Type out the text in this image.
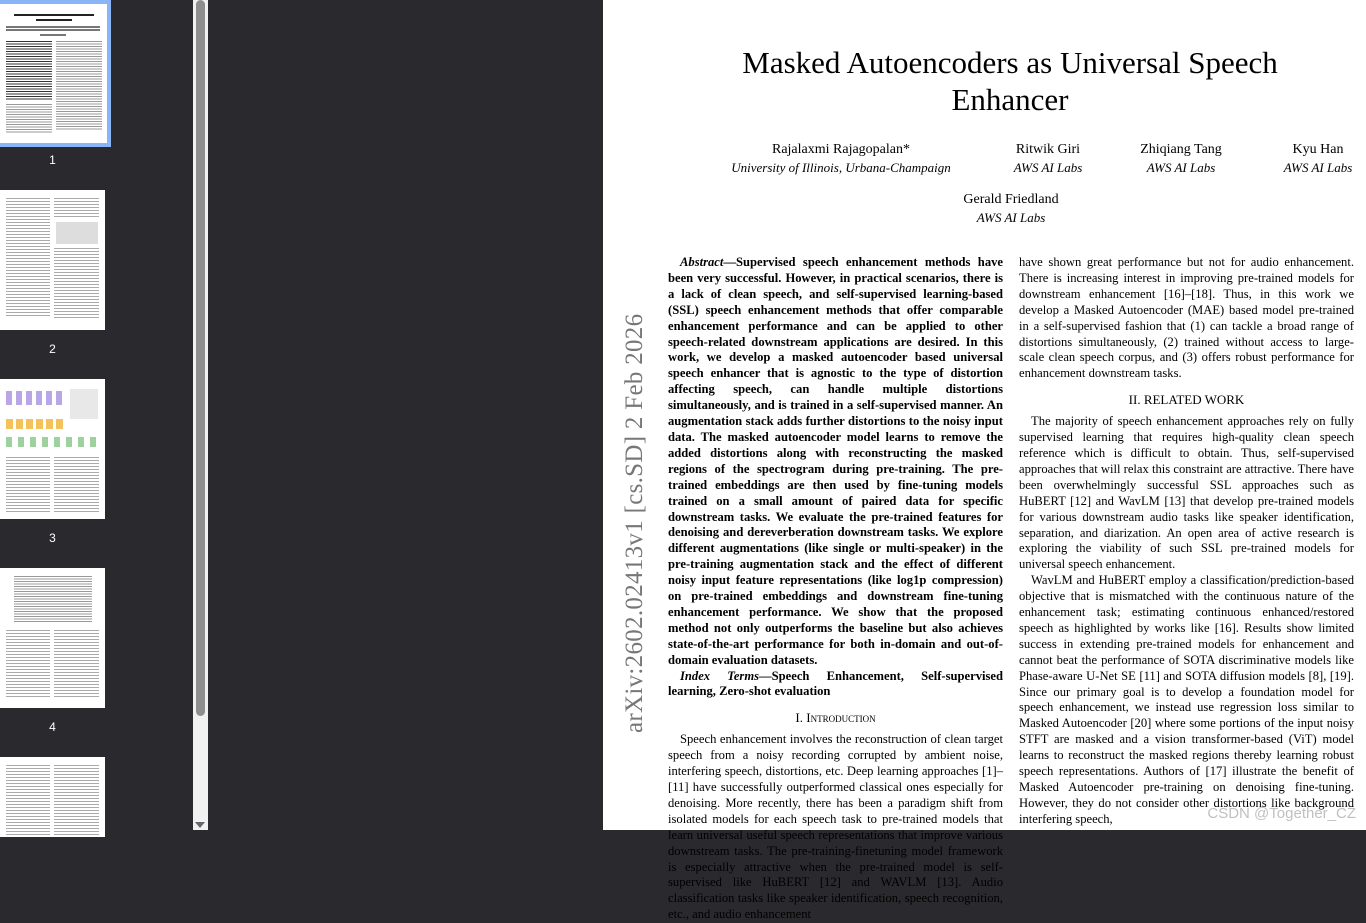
1
2
3
4
Masked Autoencoders as Universal Speech Enhancer
Rajalaxmi Rajagopalan*
University of Illinois, Urbana-Champaign
Ritwik Giri
AWS AI Labs
Zhiqiang Tang
AWS AI Labs
Kyu Han
AWS AI Labs
Gerald Friedland
AWS AI Labs
arXiv:2602.02413v1 [cs.SD] 2 Feb 2026

Abstract—Supervised speech enhancement methods have been very successful. However, in practical scenarios, there is a lack of clean speech, and self-supervised learning-based (SSL) speech enhancement methods that offer comparable enhancement performance and can be applied to other speech-related downstream applications are desired. In this work, we develop a masked autoencoder based universal speech enhancer that is agnostic to the type of distortion affecting speech, can handle multiple distortions simultaneously, and is trained in a self-supervised manner. An augmentation stack adds further distortions to the noisy input data. The masked autoencoder model learns to remove the added distortions along with reconstructing the masked regions of the spectrogram during pre-training. The pre-trained embeddings are then used by fine-tuning models trained on a small amount of paired data for specific downstream tasks. We evaluate the pre-trained features for denoising and dereverberation downstream tasks. We explore different augmentations (like single or multi-speaker) in the pre-training augmentation stack and the effect of different noisy input feature representations (like log1p compression) on pre-trained embeddings and downstream fine-tuning enhancement performance. We show that the proposed method not only outperforms the baseline but also achieves state-of-the-art performance for both in-domain and out-of-domain evaluation datasets.

Index Terms—Speech Enhancement, Self-supervised learning, Zero-shot evaluation

I. Introduction

Speech enhancement involves the reconstruction of clean target speech from a noisy recording corrupted by ambient noise, interfering speech, distortions, etc. Deep learning approaches [1]–[11] have successfully outperformed classical ones especially for denoising. More recently, there has been a paradigm shift from isolated models for each speech task to pre-trained models that learn universal useful speech representations that improve various downstream tasks. The pre-training-finetuning model framework is especially attractive when the pre-trained model is self-supervised like HuBERT [12] and WAVLM [13]. Audio classification tasks like speaker identification, speech recognition, etc., and audio enhancement

have shown great performance but not for audio enhancement. There is increasing interest in improving pre-trained models for downstream enhancement [16]–[18]. Thus, in this work we develop a Masked Autoencoder (MAE) based model pre-trained in a self-supervised fashion that (1) can tackle a broad range of distortions simultaneously, (2) trained without access to large-scale clean speech corpus, and (3) offers robust performance for enhancement downstream tasks.

II. RELATED WORK

The majority of speech enhancement approaches rely on fully supervised learning that requires high-quality clean speech reference which is difficult to obtain. Thus, self-supervised approaches that will relax this constraint are attractive. There have been overwhelmingly successful SSL approaches such as HuBERT [12] and WavLM [13] that develop pre-trained models for various downstream audio tasks like speaker identification, separation, and diarization. An open area of active research is exploring the viability of such SSL pre-trained models for universal speech enhancement.

WavLM and HuBERT employ a classification/prediction-based objective that is mismatched with the continuous nature of the enhancement task; estimating continuous enhanced/restored speech as highlighted by works like [16]. Results show limited success in extending pre-trained models for enhancement and cannot beat the performance of SOTA discriminative models like Phase-aware U-Net SE [11] and SOTA diffusion models [8], [19]. Since our primary goal is to develop a foundation model for speech enhancement, we instead use regression loss similar to Masked Autoencoder [20] where some portions of the input noisy STFT are masked and a vision transformer-based (ViT) model learns to reconstruct the masked regions thereby learning robust speech representations. Authors of [17] illustrate the benefit of Masked Autoencoder pre-training on denoising fine-tuning. However, they do not consider other distortions like background interfering speech,	CSDN @Together_CZ
